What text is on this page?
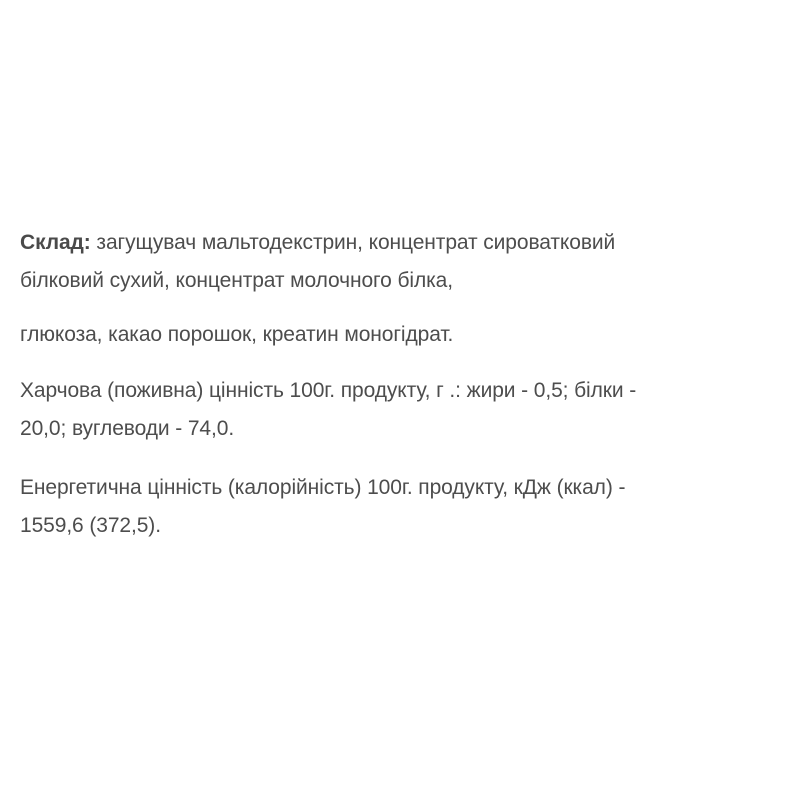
Склад: загущувач мальтодекстрин, концентрат сироватковий
білковий сухий, концентрат молочного білка,

глюкоза, какао порошок, креатин моногідрат.

Харчова (поживна) цінність 100г. продукту, г .: жири - 0,5; білки -
20,0; вуглеводи - 74,0.

Енергетична цінність (калорійність) 100г. продукту, кДж (ккал) -
1559,6 (372,5).
